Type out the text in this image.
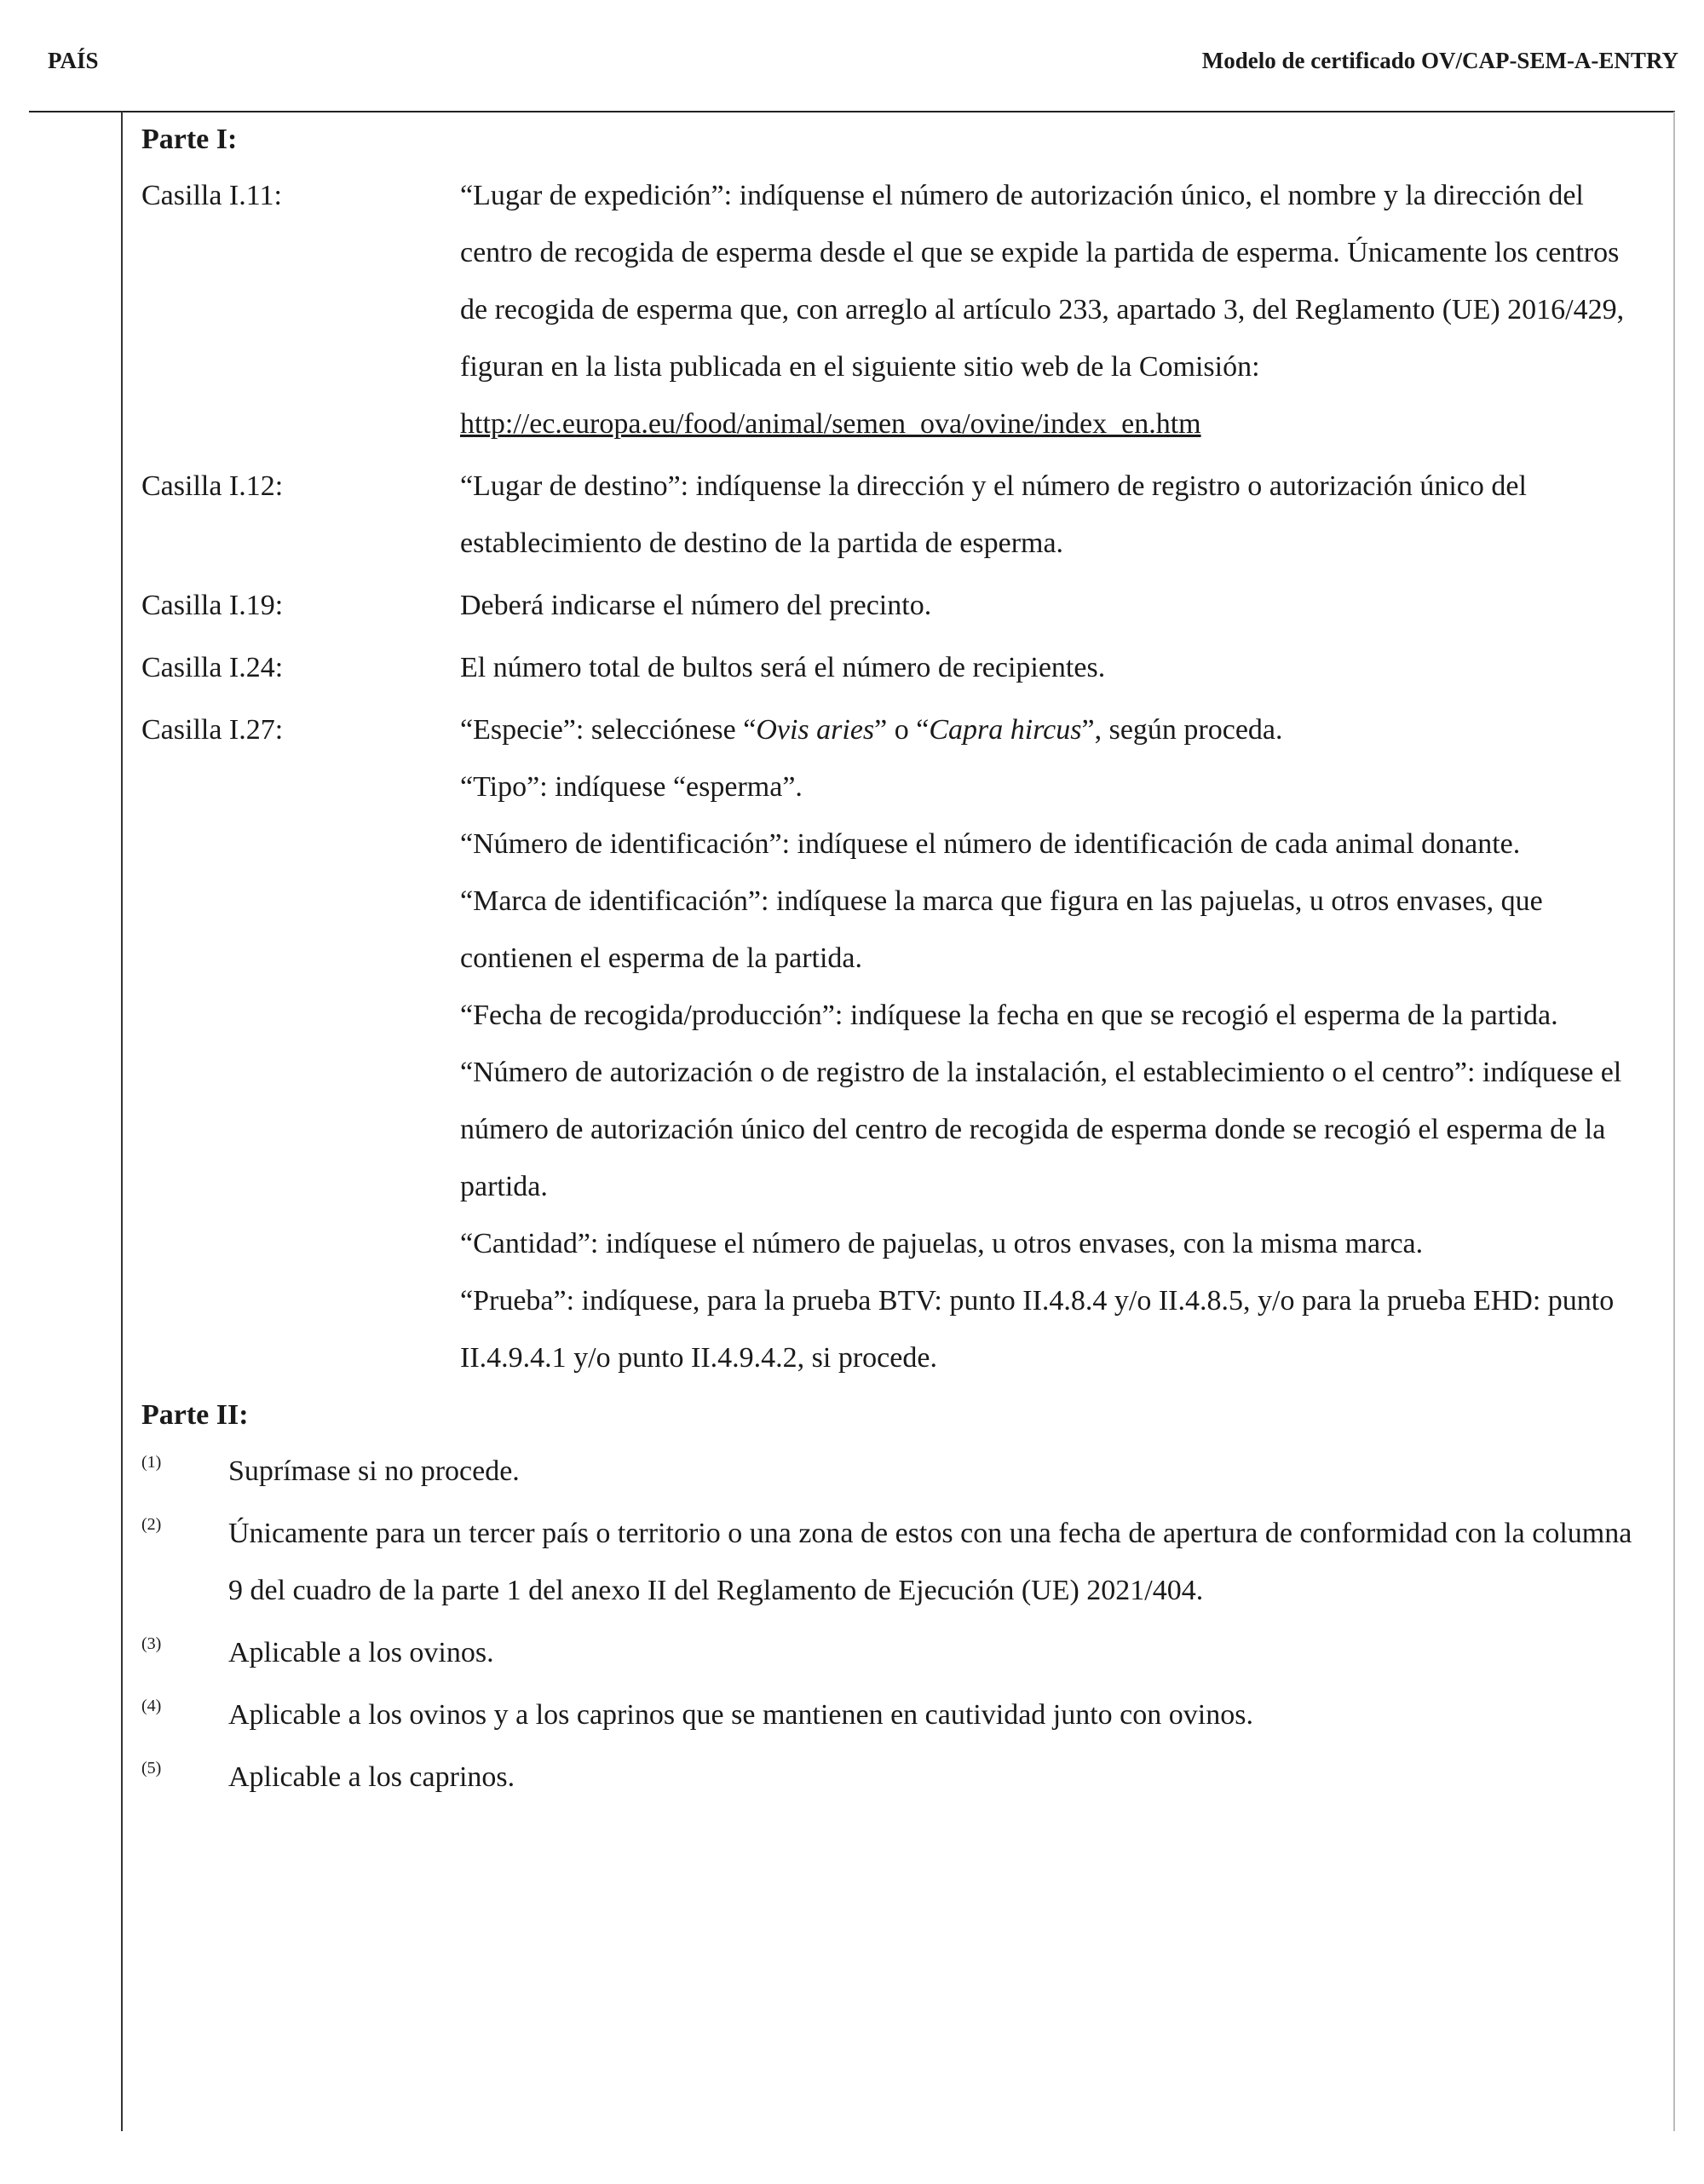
PAÍS	Modelo de certificado OV/CAP-SEM-A-ENTRY

Parte I:

Casilla I.11:	“Lugar de expedición”: indíquense el número de autorización único, el nombre y la dirección del centro de recogida de esperma desde el que se expide la partida de esperma. Únicamente los centros de recogida de esperma que, con arreglo al artículo 233, apartado 3, del Reglamento (UE) 2016/429, figuran en la lista publicada en el siguiente sitio web de la Comisión:

http://ec.europa.eu/food/animal/semen_ova/ovine/index_en.htm

Casilla I.12:	“Lugar de destino”: indíquense la dirección y el número de registro o autorización único del establecimiento de destino de la partida de esperma.

Casilla I.19:	Deberá indicarse el número del precinto.

Casilla I.24:	El número total de bultos será el número de recipientes.

Casilla I.27:	“Especie”: selecciónese “Ovis aries” o “Capra hircus”, según proceda.

“Tipo”: indíquese “esperma”.

“Número de identificación”: indíquese el número de identificación de cada animal donante.

“Marca de identificación”: indíquese la marca que figura en las pajuelas, u otros envases, que contienen el esperma de la partida.

“Fecha de recogida/producción”: indíquese la fecha en que se recogió el esperma de la partida.

“Número de autorización o de registro de la instalación, el establecimiento o el centro”: indíquese el número de autorización único del centro de recogida de esperma donde se recogió el esperma de la partida.

“Cantidad”: indíquese el número de pajuelas, u otros envases, con la misma marca.

“Prueba”: indíquese, para la prueba BTV: punto II.4.8.4 y/o II.4.8.5, y/o para la prueba EHD: punto II.4.9.4.1 y/o punto II.4.9.4.2, si procede.

Parte II:

(1)	Suprímase si no procede.

(2)	Únicamente para un tercer país o territorio o una zona de estos con una fecha de apertura de conformidad con la columna 9 del cuadro de la parte 1 del anexo II del Reglamento de Ejecución (UE) 2021/404.

(3)	Aplicable a los ovinos.

(4)	Aplicable a los ovinos y a los caprinos que se mantienen en cautividad junto con ovinos.

(5)	Aplicable a los caprinos.
